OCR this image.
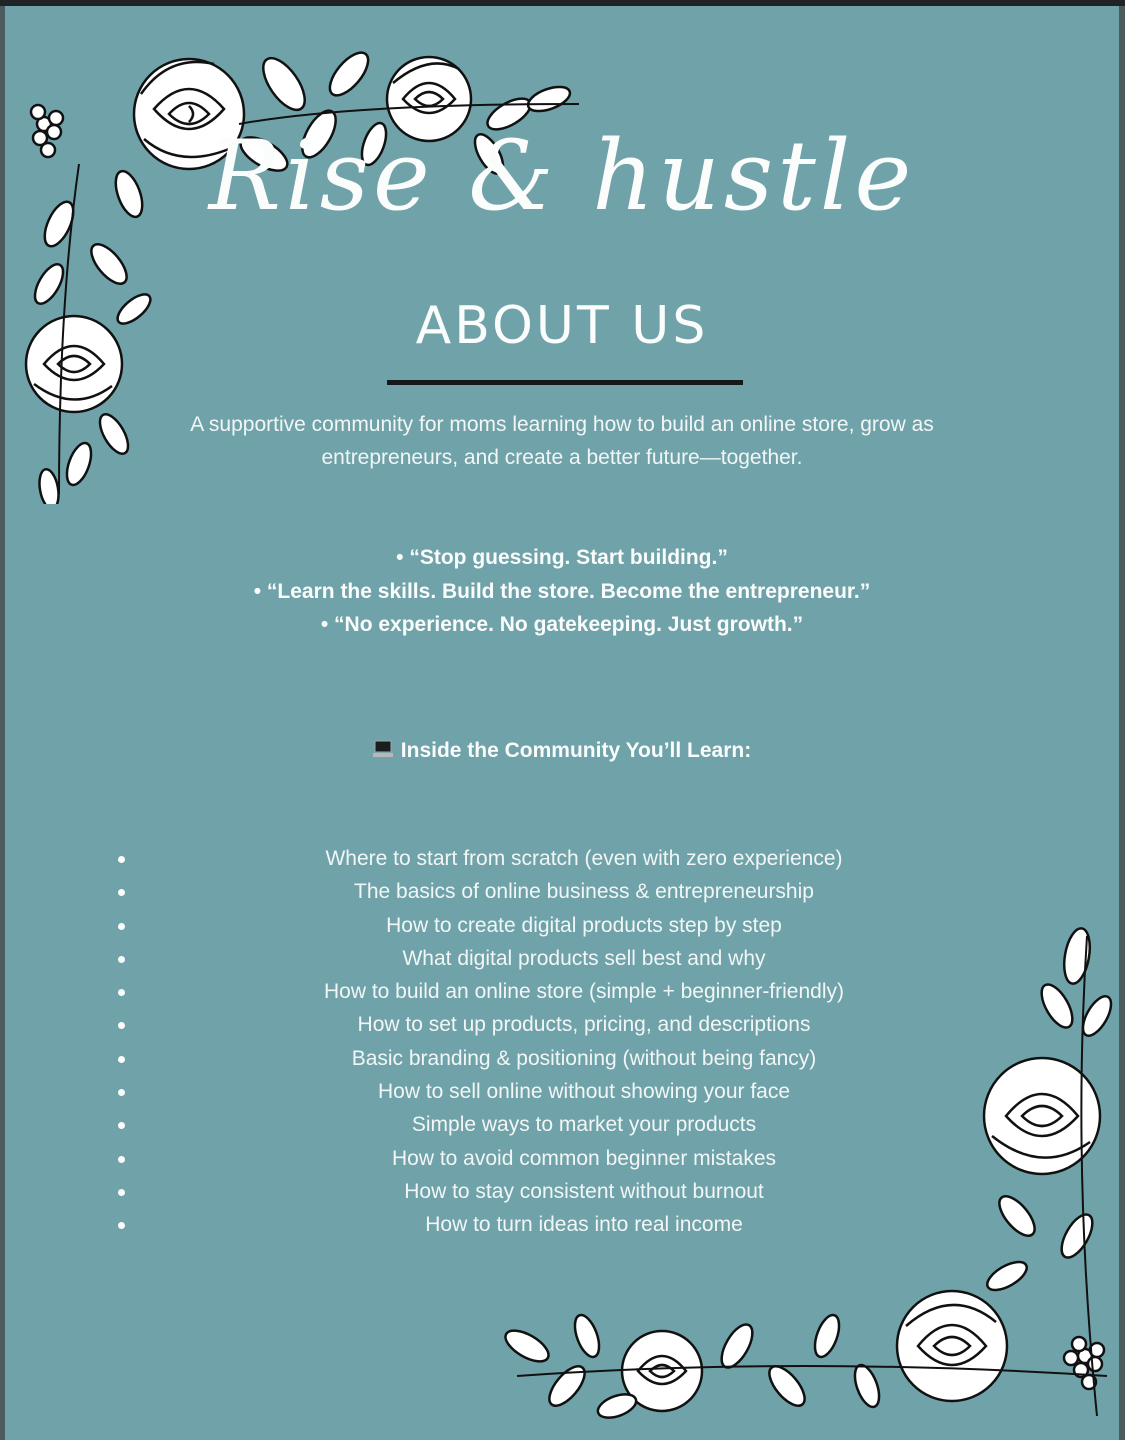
Rise & hustle
ABOUT US
A supportive community for moms learning how to build an online store, grow as entrepreneurs, and create a better future—together.
• “Stop guessing. Start building.”
• “Learn the skills. Build the store. Become the entrepreneur.”
• “No experience. No gatekeeping. Just growth.”
Inside the Community You’ll Learn:
Where to start from scratch (even with zero experience)
The basics of online business & entrepreneurship
How to create digital products step by step
What digital products sell best and why
How to build an online store (simple + beginner-friendly)
How to set up products, pricing, and descriptions
Basic branding & positioning (without being fancy)
How to sell online without showing your face
Simple ways to market your products
How to avoid common beginner mistakes
How to stay consistent without burnout
How to turn ideas into real income
